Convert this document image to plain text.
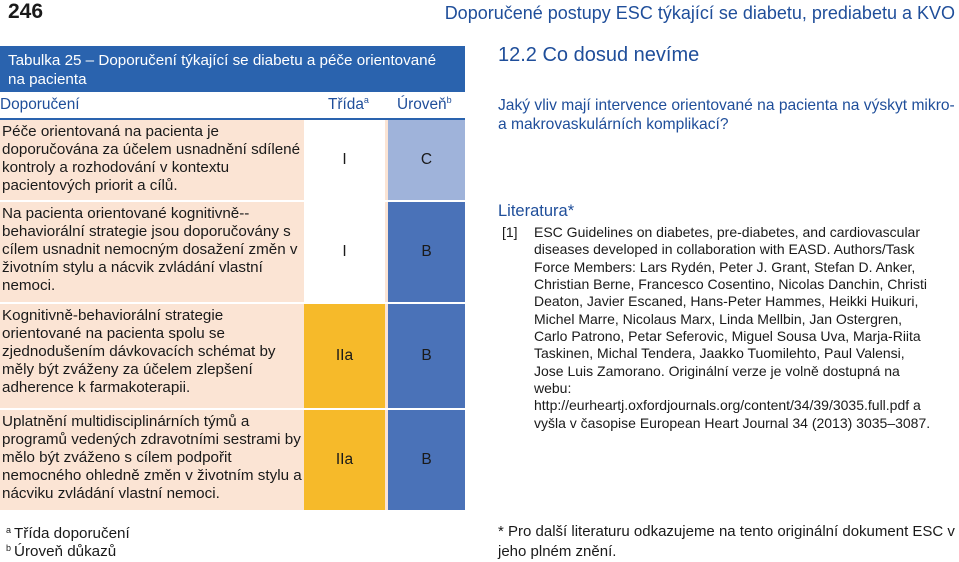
246	Doporučené postupy ESC týkající se diabetu, prediabetu a KVO
Tabulka 25 – Doporučení týkající se diabetu a péče orientované na pacienta
Doporučení	Třída$^a$ Úroveň$^b$
Péče orientovaná na pacienta je doporučována za účelem usnadnění sdílené kontroly a rozhodování v kontextu pacientových priorit a cílů.
I	C
Na pacienta orientované kognitivně--behaviorální strategie jsou doporučovány s cílem usnadnit nemocným dosažení změn v životním stylu a nácvik zvládání vlastní nemoci.
I	B
Kognitivně-behaviorální strategie orientované na pacienta spolu se zjednodušením dávkovacích schémat by měly být zváženy za účelem zlepšení adherence k farmakoterapii.
IIa	B
Uplatnění multidisciplinárních týmů a programů vedených zdravotními sestrami by mělo být zváženo s cílem podpořit nemocného ohledně změn v životním stylu a nácviku zvládání vlastní nemoci.
IIa	B
$^a$ Třída doporučení
$^b$ Úroveň důkazů
12.2 Co dosud nevíme
Jaký vliv mají intervence orientované na pacienta na výskyt mikro- a makrovaskulárních komplikací?
Literatura*
[1] ESC Guidelines on diabetes, pre-diabetes, and cardiovascular diseases developed in collaboration with EASD. Authors/Task Force Members: Lars Rydén, Peter J. Grant, Stefan D. Anker, Christian Berne, Francesco Cosentino, Nicolas Danchin, Christi Deaton, Javier Escaned, Hans-Peter Hammes, Heikki Huikuri, Michel Marre, Nicolaus Marx, Linda Mellbin, Jan Ostergren, Carlo Patrono, Petar Seferovic, Miguel Sousa Uva, Marja-Riita Taskinen, Michal Tendera, Jaakko Tuomilehto, Paul Valensi, Jose Luis Zamorano. Originální verze je volně dostupná na webu: http://eurheartj.oxfordjournals.org/content/34/39/3035.full.pdf a vyšla v časopise European Heart Journal 34 (2013) 3035–3087.
* Pro další literaturu odkazujeme na tento originální dokument ESC v jeho plném znění.
